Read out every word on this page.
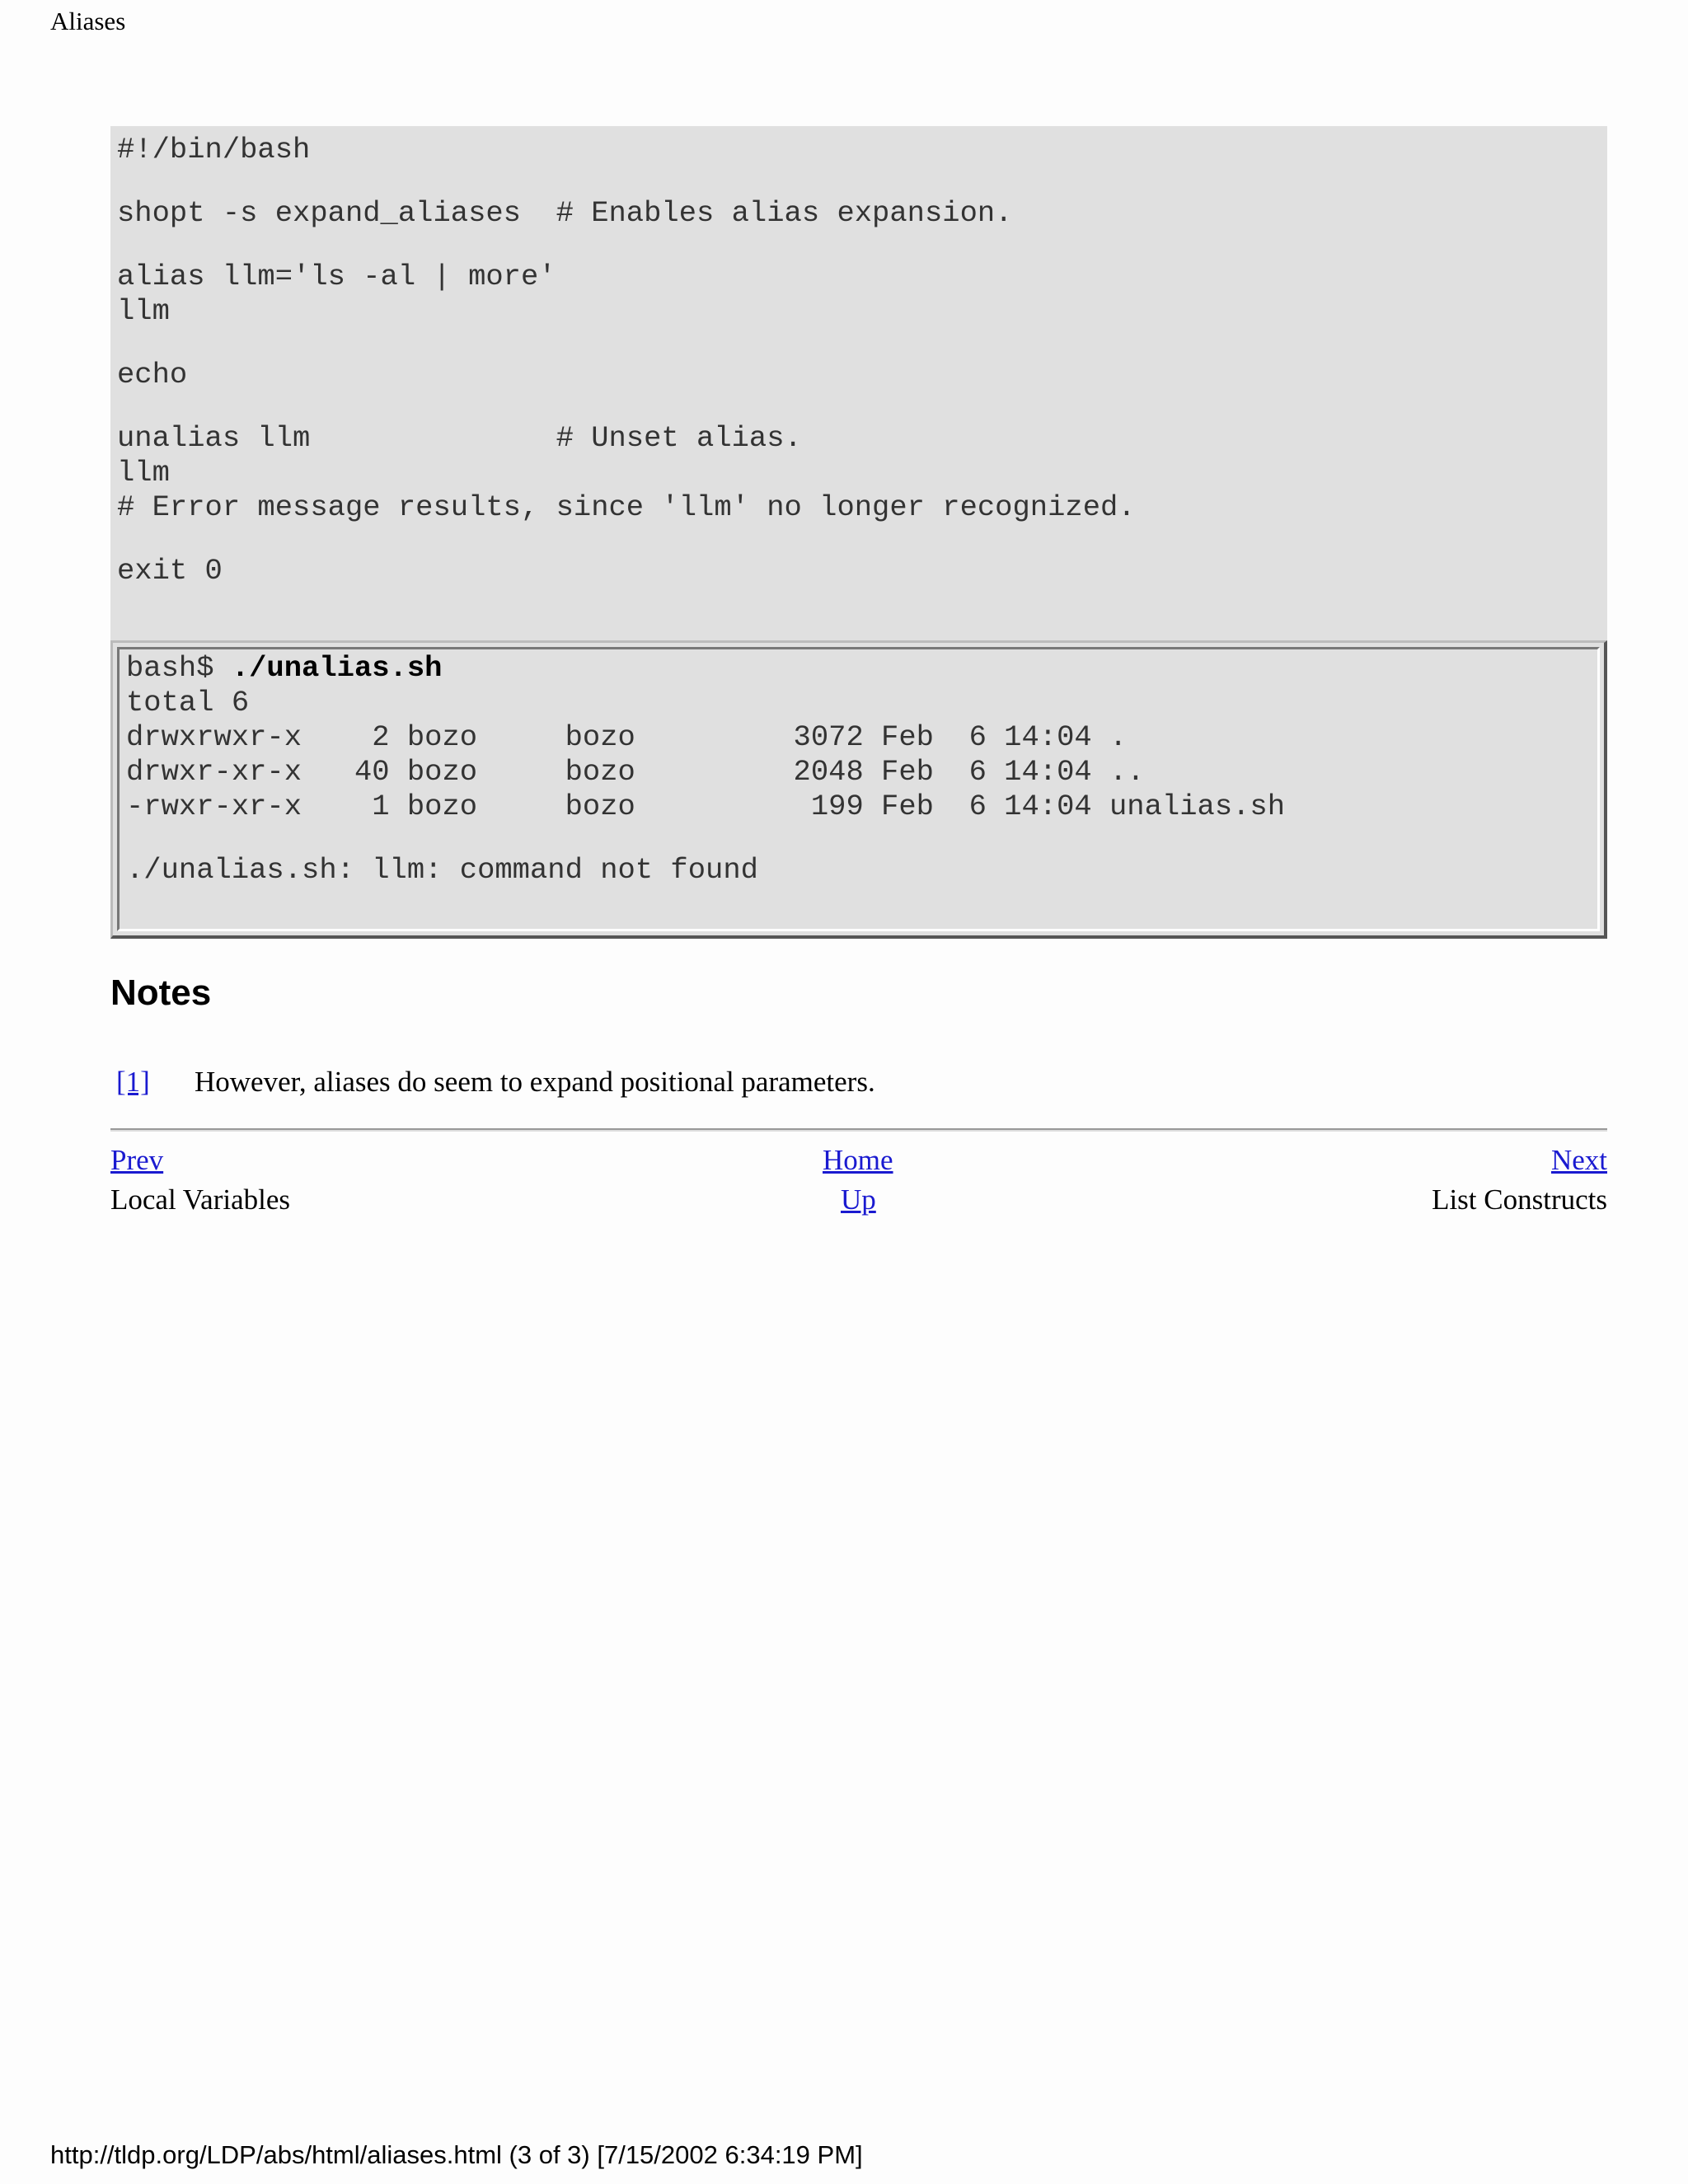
Aliases
#!/bin/bash
shopt -s expand_aliases  # Enables alias expansion.
alias llm='ls -al | more'
llm
echo
unalias llm              # Unset alias.
llm
# Error message results, since 'llm' no longer recognized.
exit 0
bash$ ./unalias.sh
total 6
drwxrwxr-x    2 bozo     bozo         3072 Feb  6 14:04 .
drwxr-xr-x   40 bozo     bozo         2048 Feb  6 14:04 ..
-rwxr-xr-x    1 bozo     bozo          199 Feb  6 14:04 unalias.sh
./unalias.sh: llm: command not found
Notes
[1] However, aliases do seem to expand positional parameters.
Prev	Home	Next
Local Variables	Up	List Constructs
http://tldp.org/LDP/abs/html/aliases.html (3 of 3) [7/15/2002 6:34:19 PM]
